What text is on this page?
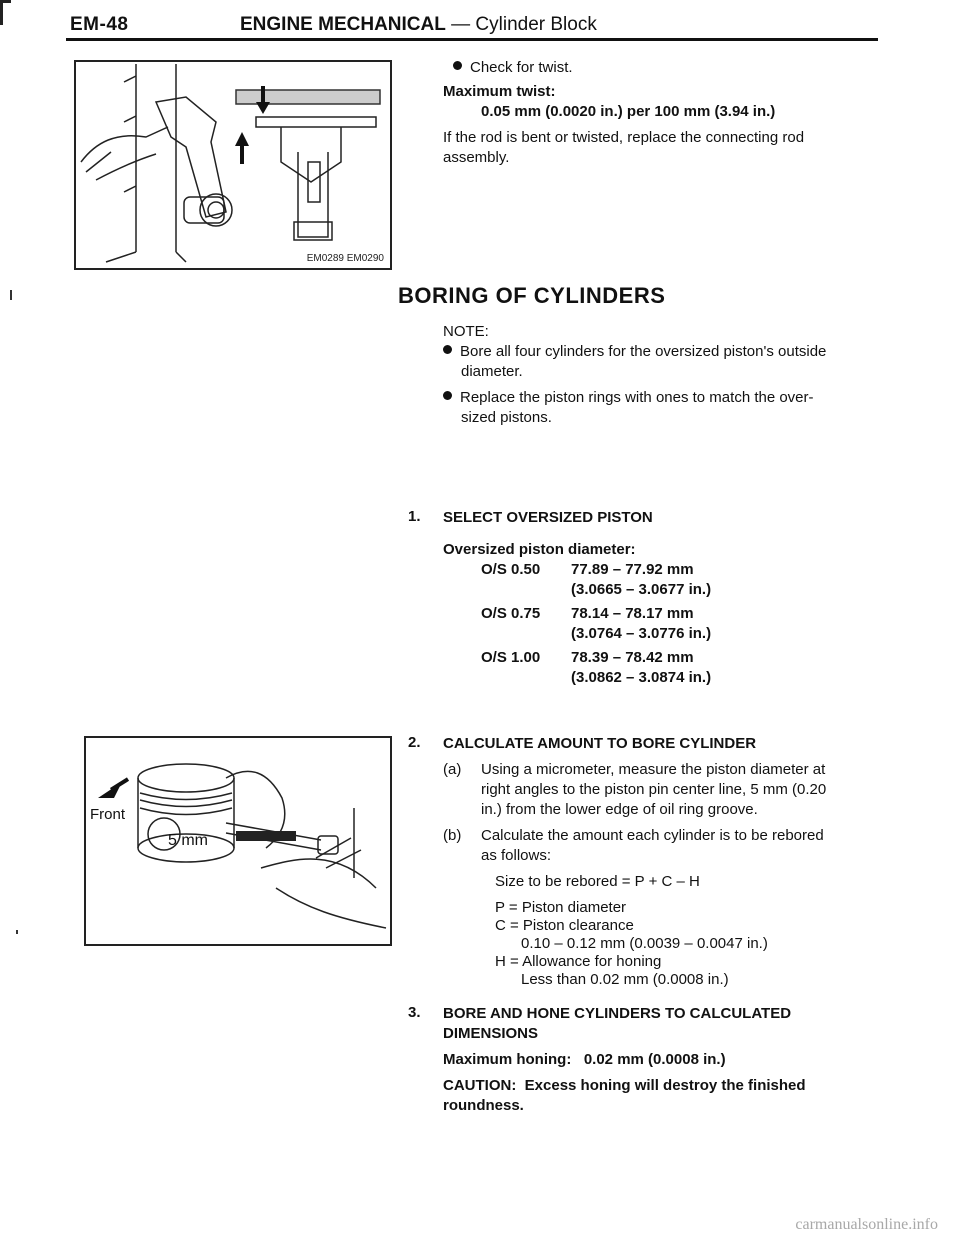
EM-48	ENGINE MECHANICAL — Cylinder Block
EM0289 EM0290
Check for twist.
Maximum twist:
0.05 mm (0.0020 in.) per 100 mm (3.94 in.)
If the rod is bent or twisted, replace the connecting rod
assembly.
BORING OF CYLINDERS
NOTE:
Bore all four cylinders for the oversized piston's outside
diameter.
Replace the piston rings with ones to match the over-
sized pistons.
1. SELECT OVERSIZED PISTON
Oversized piston diameter:
O/S 0.50 77.89 – 77.92 mm
(3.0665 – 3.0677 in.)
O/S 0.75 78.14 – 78.17 mm
(3.0764 – 3.0776 in.)
O/S 1.00 78.39 – 78.42 mm
(3.0862 – 3.0874 in.)
Front
5 mm
2. CALCULATE AMOUNT TO BORE CYLINDER
(a) Using a micrometer, measure the piston diameter at
right angles to the piston pin center line, 5 mm (0.20
in.) from the lower edge of oil ring groove.
(b) Calculate the amount each cylinder is to be rebored
as follows:
Size to be rebored = P + C – H
P = Piston diameter
C = Piston clearance
0.10 – 0.12 mm (0.0039 – 0.0047 in.)
H = Allowance for honing
Less than 0.02 mm (0.0008 in.)
3. BORE AND HONE CYLINDERS TO CALCULATED
DIMENSIONS
Maximum honing:   0.02 mm (0.0008 in.)
CAUTION:  Excess honing will destroy the finished
roundness.
carmanualsonline.info
